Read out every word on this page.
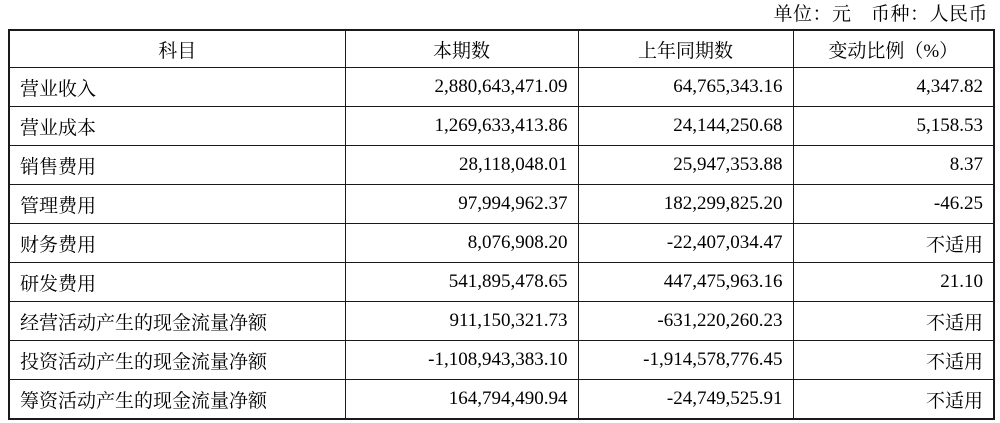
单位：元　币种：人民币
科目	本期数	上年同期数	变动比例（%）
营业收入	2,880,643,471.09	64,765,343.16	4,347.82
营业成本	1,269,633,413.86	24,144,250.68	5,158.53
销售费用	28,118,048.01	25,947,353.88	8.37
管理费用	97,994,962.37	182,299,825.20	-46.25
财务费用	8,076,908.20	-22,407,034.47	不适用
研发费用	541,895,478.65	447,475,963.16	21.10
经营活动产生的现金流量净额	911,150,321.73	-631,220,260.23	不适用
投资活动产生的现金流量净额	-1,108,943,383.10	-1,914,578,776.45	不适用
筹资活动产生的现金流量净额	164,794,490.94	-24,749,525.91	不适用
